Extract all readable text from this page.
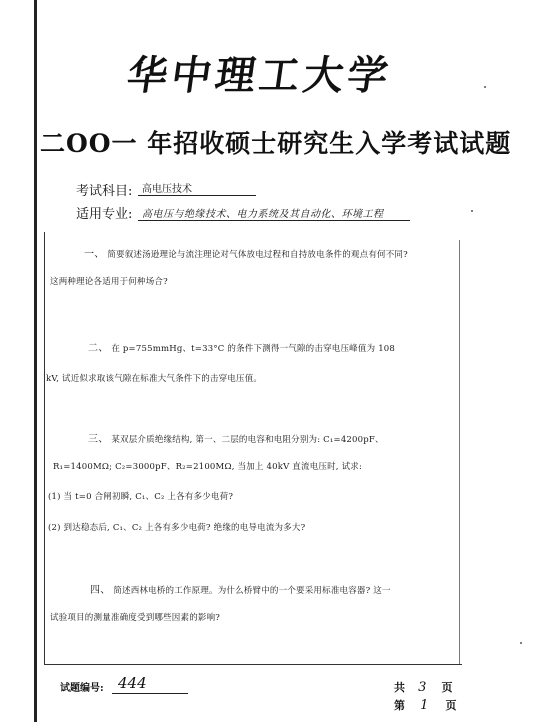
华中理工大学
二OO一 年招收硕士研究生入学考试试题
考试科目: 高电压技术
适用专业: 高电压与绝缘技术、电力系统及其自动化、环境工程
一、 简要叙述汤逊理论与流注理论对气体放电过程和自持放电条件的观点有何不同?
这两种理论各适用于何种场合?
二、 在 p=755mmHg、t=33°C 的条件下测得一气隙的击穿电压峰值为 108
kV, 试近似求取该气隙在标准大气条件下的击穿电压值。
三、 某双层介质绝缘结构, 第一、二层的电容和电阻分别为: C₁=4200pF、
R₁=1400MΩ; C₂=3000pF、R₂=2100MΩ, 当加上 40kV 直流电压时, 试求:
(1) 当 t=0 合闸初瞬, C₁、C₂ 上各有多少电荷?
(2) 到达稳态后, C₁、C₂ 上各有多少电荷? 绝缘的电导电流为多大?
四、 简述西林电桥的工作原理。为什么桥臂中的一个要采用标准电容器? 这一
试验项目的测量准确度受到哪些因素的影响?
试题编号: 444	共 3 页
第 1 页
